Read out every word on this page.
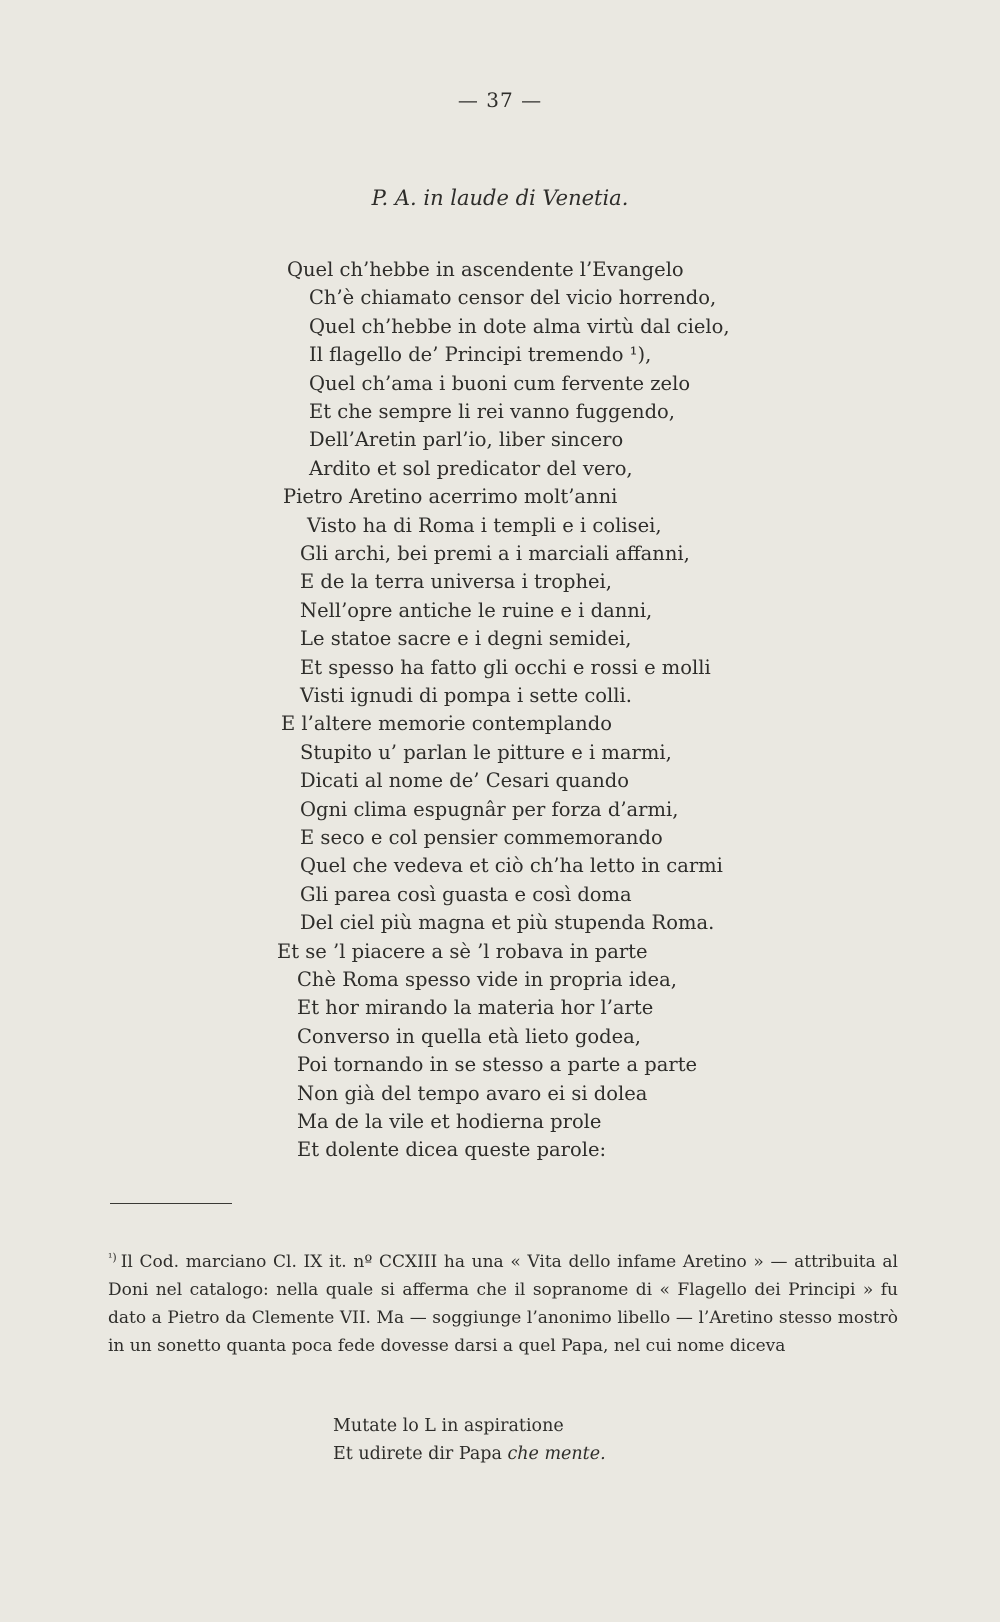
— 37 —
P. A. in laude di Venetia.
Quel ch’hebbe in ascendente l’Evangelo
Ch’è chiamato censor del vicio horrendo,
Quel ch’hebbe in dote alma virtù dal cielo,
Il flagello de’ Principi tremendo ¹),
Quel ch’ama i buoni cum fervente zelo
Et che sempre li rei vanno fuggendo,
Dell’Aretin parl’io, liber sincero
Ardito et sol predicator del vero,
Pietro Aretino acerrimo molt’anni
Visto ha di Roma i templi e i colisei,
Gli archi, bei premi a i marciali affanni,
E de la terra universa i trophei,
Nell’opre antiche le ruine e i danni,
Le statoe sacre e i degni semidei,
Et spesso ha fatto gli occhi e rossi e molli
Visti ignudi di pompa i sette colli.
E l’altere memorie contemplando
Stupito u’ parlan le pitture e i marmi,
Dicati al nome de’ Cesari quando
Ogni clima espugnâr per forza d’armi,
E seco e col pensier commemorando
Quel che vedeva et ciò ch’ha letto in carmi
Gli parea così guasta e così doma
Del ciel più magna et più stupenda Roma.
Et se ’l piacere a sè ’l robava in parte
Chè Roma spesso vide in propria idea,
Et hor mirando la materia hor l’arte
Converso in quella età lieto godea,
Poi tornando in se stesso a parte a parte
Non già del tempo avaro ei si dolea
Ma de la vile et hodierna prole
Et dolente dicea queste parole:
$^{^1)}$ Il Cod. marciano Cl. IX it. nº CCXIII ha una « Vita dello infame Aretino » — attribuita al Doni nel catalogo: nella quale si afferma che il sopranome di « Flagello dei Principi » fu dato a Pietro da Clemente VII. Ma — soggiunge l’anonimo libello — l’Aretino stesso mostrò in un sonetto quanta poca fede dovesse darsi a quel Papa, nel cui nome diceva
Mutate lo L in aspiratione
Et udirete dir Papa che mente.
